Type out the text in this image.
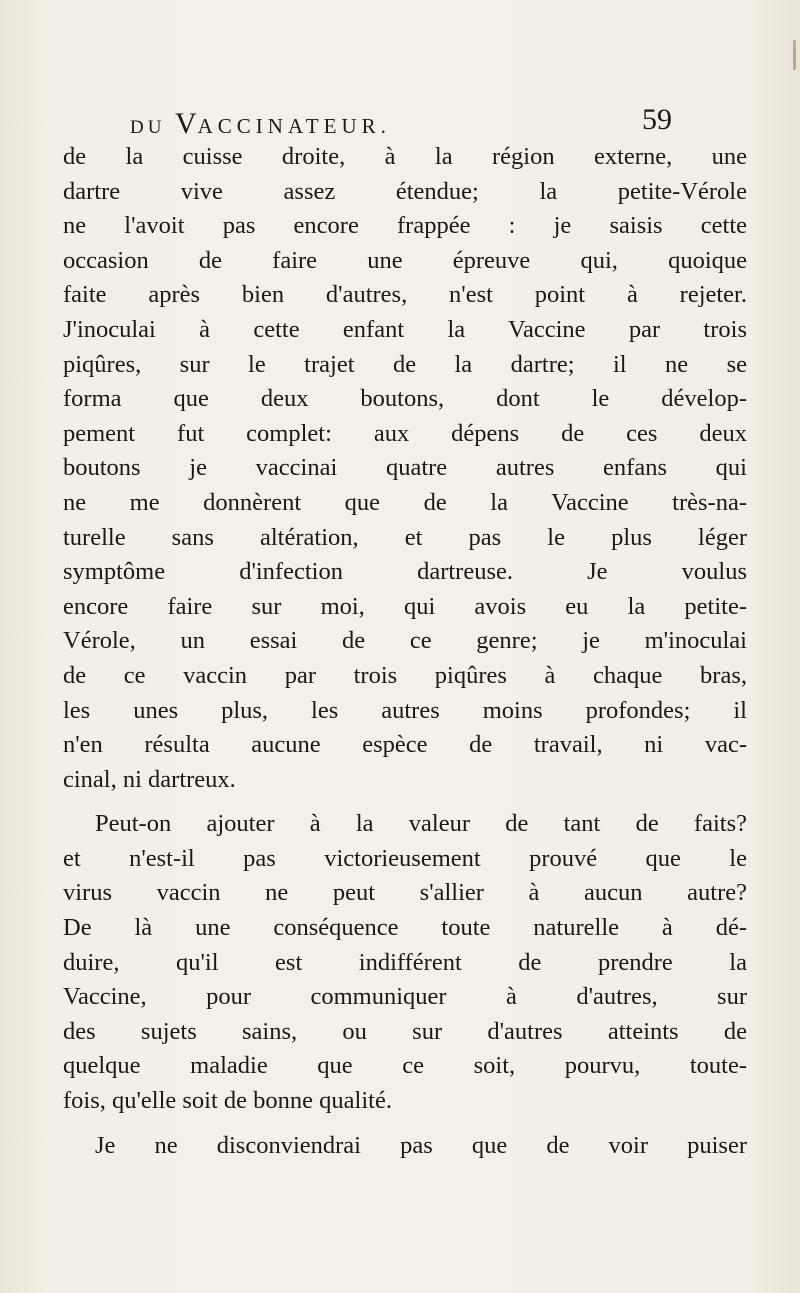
DU VACCINATEUR.	59
de la cuisse droite, à la région externe, une
dartre vive assez étendue; la petite-Vérole
ne l'avoit pas encore frappée : je saisis cette
occasion de faire une épreuve qui, quoique
faite après bien d'autres, n'est point à rejeter.
J'inoculai à cette enfant la Vaccine par trois
piqûres, sur le trajet de la dartre; il ne se
forma que deux boutons, dont le dévelop-
pement fut complet: aux dépens de ces deux
boutons je vaccinai quatre autres enfans qui
ne me donnèrent que de la Vaccine très-na-
turelle sans altération, et pas le plus léger
symptôme d'infection dartreuse. Je voulus
encore faire sur moi, qui avois eu la petite-
Vérole, un essai de ce genre; je m'inoculai
de ce vaccin par trois piqûres à chaque bras,
les unes plus, les autres moins profondes; il
n'en résulta aucune espèce de travail, ni vac-
cinal, ni dartreux.
Peut-on ajouter à la valeur de tant de faits?
et n'est-il pas victorieusement prouvé que le
virus vaccin ne peut s'allier à aucun autre?
De là une conséquence toute naturelle à dé-
duire, qu'il est indifférent de prendre la
Vaccine, pour communiquer à d'autres, sur
des sujets sains, ou sur d'autres atteints de
quelque maladie que ce soit, pourvu, toute-
fois, qu'elle soit de bonne qualité.
Je ne disconviendrai pas que de voir puiser
